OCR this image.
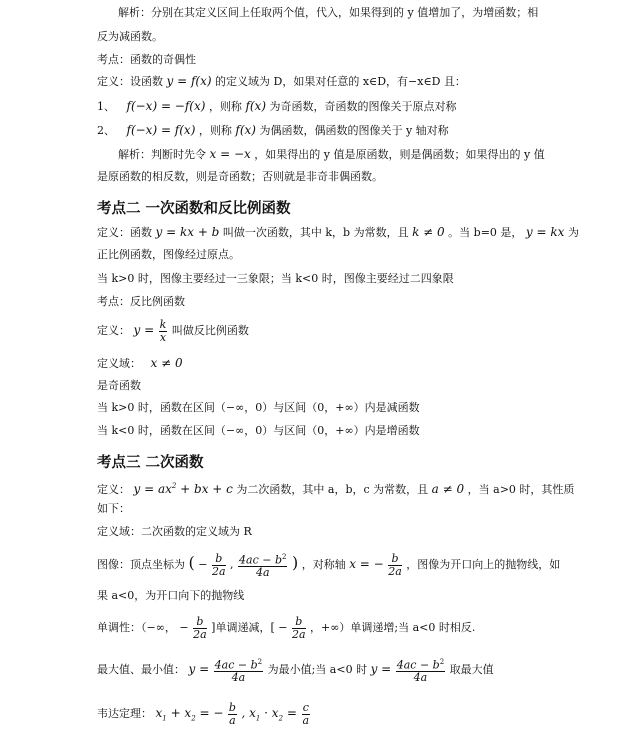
解析：分别在其定义区间上任取两个值，代入，如果得到的 y 值增加了，为增函数；相
反为减函数。
考点：函数的奇偶性
定义：设函数 y = f(x) 的定义域为 D，如果对任意的 x∈D，有−x∈D 且：
1、 f(−x) = −f(x) ，则称 f(x) 为奇函数，奇函数的图像关于原点对称
2、 f(−x) = f(x) ，则称 f(x) 为偶函数，偶函数的图像关于 y 轴对称
解析：判断时先令 x = −x ，如果得出的 y 值是原函数，则是偶函数；如果得出的 y 值
是原函数的相反数，则是奇函数；否则就是非奇非偶函数。
考点二 一次函数和反比例函数
定义：函数 y = kx + b 叫做一次函数，其中 k，b 为常数，且 k ≠ 0 。当 b=0 是， y = kx 为
正比例函数，图像经过原点。
当 k>0 时，图像主要经过一三象限；当 k<0 时，图像主要经过二四象限
考点：反比例函数
定义： $y = \frac{k}{x}$ 叫做反比例函数
定义域： x ≠ 0
是奇函数
当 k>0 时，函数在区间（−∞，0）与区间（0，+∞）内是减函数
当 k<0 时，函数在区间（−∞，0）与区间（0，+∞）内是增函数
考点三 二次函数
定义： $y = ax^2$ + bx + c 为二次函数，其中 a，b，c 为常数，且 a ≠ 0 ，当 a>0 时，其性质
如下：
定义域：二次函数的定义域为 R
图像：顶点坐标为 ( − $\frac{b}{2a}$ , $\frac{4ac - b^2}{4a}$ ) ，对称轴 x = − $\frac{b}{2a}$ ，图像为开口向上的抛物线，如
果 a<0，为开口向下的抛物线
单调性：（−∞， − $\frac{b}{2a}$ ]单调递减，[ − $\frac{b}{2a}$ ，+∞）单调递增;当 a<0 时相反.
最大值、最小值： $y = \frac{4ac - b^2}{4a}$ 为最小值;当 a<0 时 $y = \frac{4ac - b^2}{4a}$ 取最大值
韦达定理： $x_1 + x_2$ = − $\frac{b}{a}$ , $x_1 \cdot x_2 = \frac{c}{a}$
